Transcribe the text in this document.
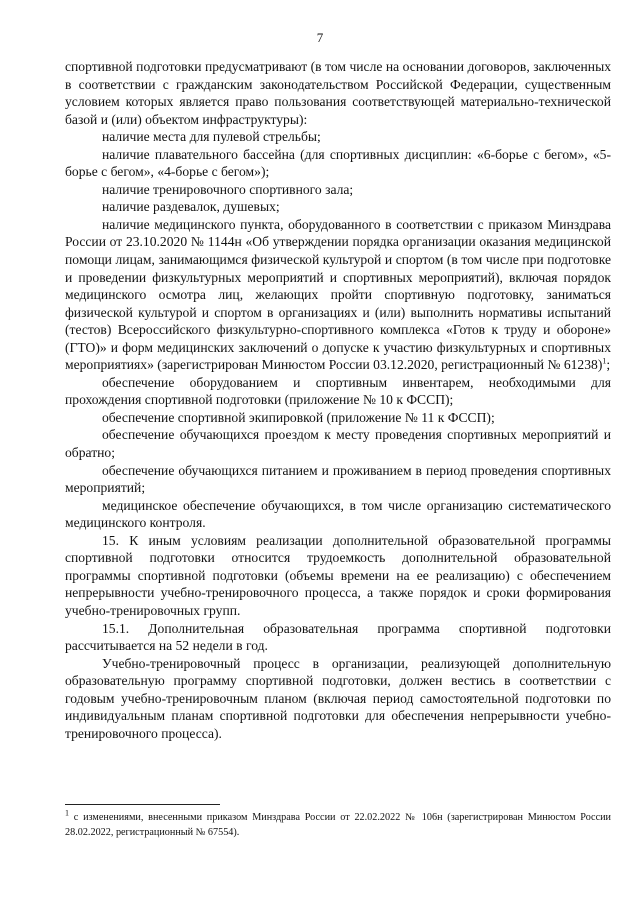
7

спортивной подготовки предусматривают (в том числе на основании договоров, заключенных в соответствии с гражданским законодательством Российской Федерации, существенным условием которых является право пользования соответствующей материально-технической базой и (или) объектом инфраструктуры):

наличие места для пулевой стрельбы;

наличие плавательного бассейна (для спортивных дисциплин: «6-борье с бегом», «5-борье с бегом», «4-борье с бегом»);

наличие тренировочного спортивного зала;

наличие раздевалок, душевых;

наличие медицинского пункта, оборудованного в соответствии с приказом Минздрава России от 23.10.2020 № 1144н «Об утверждении порядка организации оказания медицинской помощи лицам, занимающимся физической культурой и спортом (в том числе при подготовке и проведении физкультурных мероприятий и спортивных мероприятий), включая порядок медицинского осмотра лиц, желающих пройти спортивную подготовку, заниматься физической культурой и спортом в организациях и (или) выполнить нормативы испытаний (тестов) Всероссийского физкультурно-спортивного комплекса «Готов к труду и обороне» (ГТО)» и форм медицинских заключений о допуске к участию физкультурных и спортивных мероприятиях» (зарегистрирован Минюстом России 03.12.2020, регистрационный № 61238)$^1$;

обеспечение оборудованием и спортивным инвентарем, необходимыми для прохождения спортивной подготовки (приложение № 10 к ФССП);

обеспечение спортивной экипировкой (приложение № 11 к ФССП);

обеспечение обучающихся проездом к месту проведения спортивных мероприятий и обратно;

обеспечение обучающихся питанием и проживанием в период проведения спортивных мероприятий;

медицинское обеспечение обучающихся, в том числе организацию систематического медицинского контроля.

15. К иным условиям реализации дополнительной образовательной программы спортивной подготовки относится трудоемкость дополнительной образовательной программы спортивной подготовки (объемы времени на ее реализацию) с обеспечением непрерывности учебно-тренировочного процесса, а также порядок и сроки формирования учебно-тренировочных групп.

15.1. Дополнительная образовательная программа спортивной подготовки рассчитывается на 52 недели в год.

Учебно-тренировочный процесс в организации, реализующей дополнительную образовательную программу спортивной подготовки, должен вестись в соответствии с годовым учебно-тренировочным планом (включая период самостоятельной подготовки по индивидуальным планам спортивной подготовки для обеспечения непрерывности учебно-тренировочного процесса).

$^1$ с изменениями, внесенными приказом Минздрава России от 22.02.2022 № 106н (зарегистрирован Минюстом России 28.02.2022, регистрационный № 67554).
